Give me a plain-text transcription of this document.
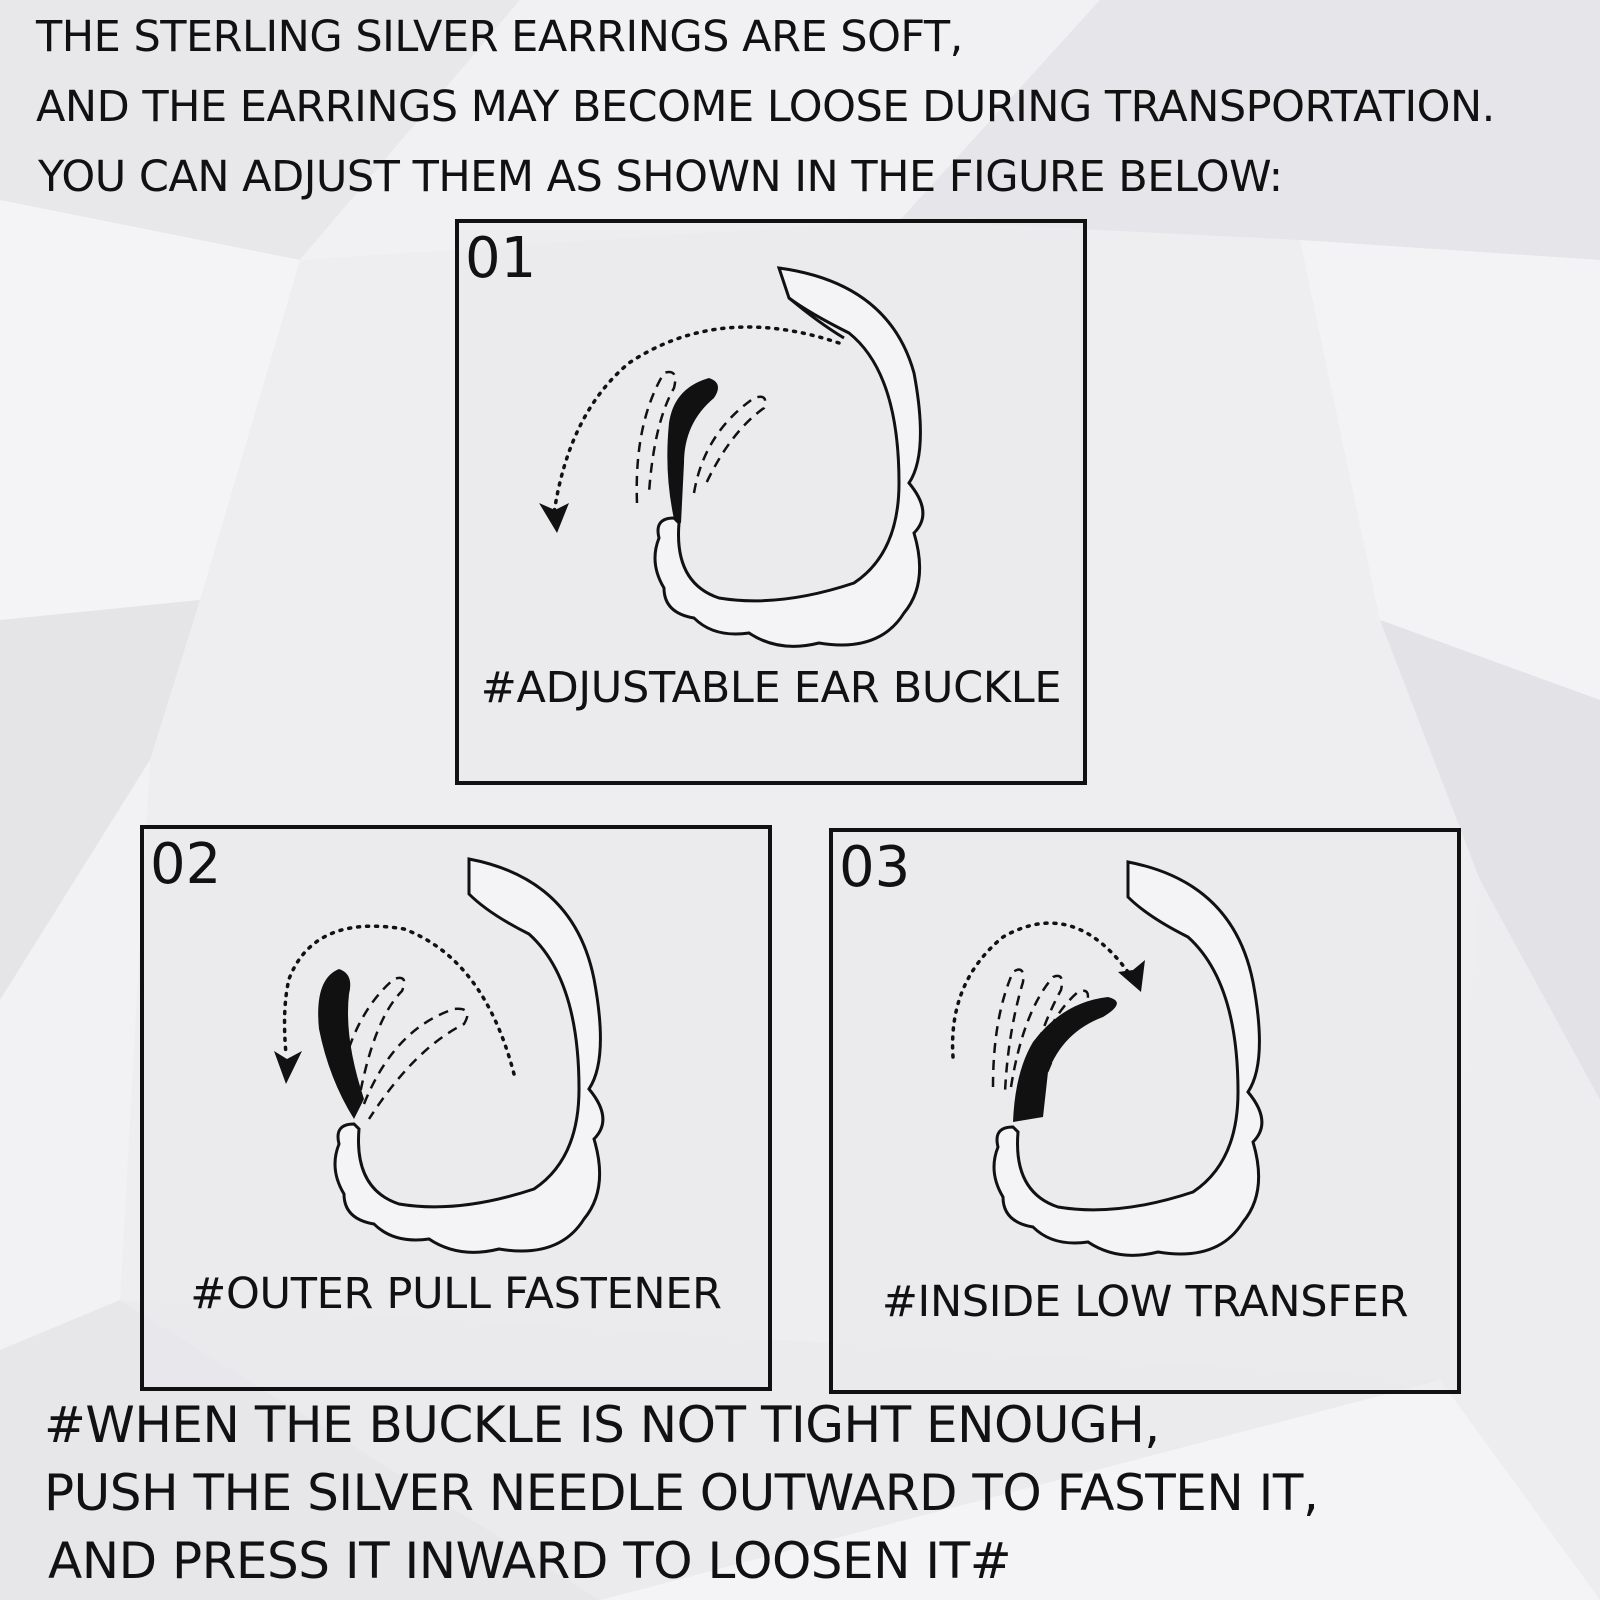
THE STERLING SILVER EARRINGS ARE SOFT,
AND THE EARRINGS MAY BECOME LOOSE DURING TRANSPORTATION.
YOU CAN ADJUST THEM AS SHOWN IN THE FIGURE BELOW:
01
#ADJUSTABLE EAR BUCKLE
02
#OUTER PULL FASTENER
03
#INSIDE LOW TRANSFER
#WHEN THE BUCKLE IS NOT TIGHT ENOUGH,
PUSH THE SILVER NEEDLE OUTWARD TO FASTEN IT,
AND PRESS IT INWARD TO LOOSEN IT#
